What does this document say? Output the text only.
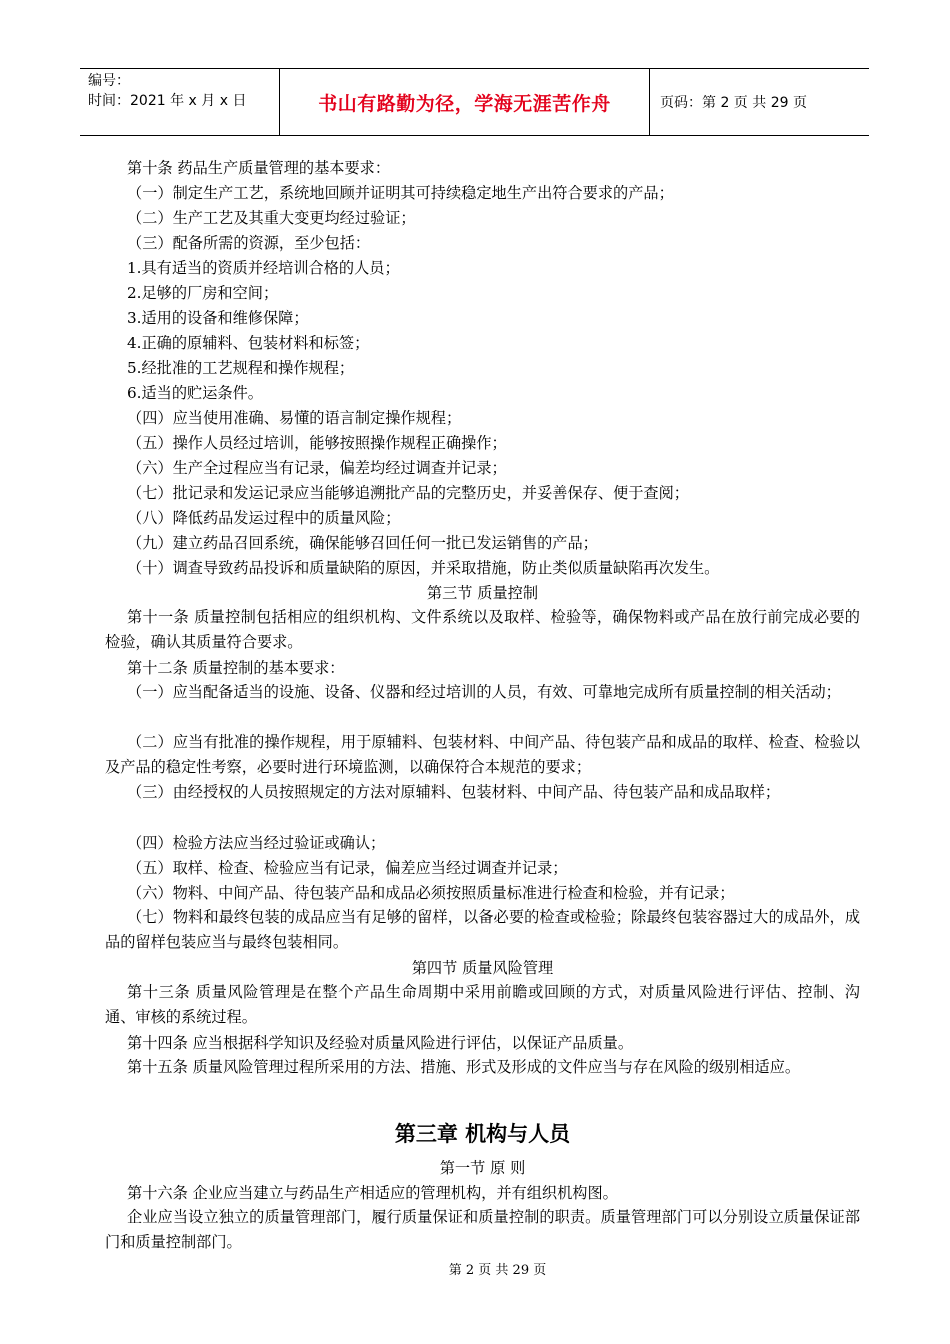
编号：
时间：2021 年 x 月 x 日	书山有路勤为径，学海无涯苦作舟	页码：第 2 页 共 29 页
第十条 药品生产质量管理的基本要求：
（一）制定生产工艺，系统地回顾并证明其可持续稳定地生产出符合要求的产品；
（二）生产工艺及其重大变更均经过验证；
（三）配备所需的资源，至少包括：
1.具有适当的资质并经培训合格的人员；
2.足够的厂房和空间；
3.适用的设备和维修保障；
4.正确的原辅料、包装材料和标签；
5.经批准的工艺规程和操作规程；
6.适当的贮运条件。
（四）应当使用准确、易懂的语言制定操作规程；
（五）操作人员经过培训，能够按照操作规程正确操作；
（六）生产全过程应当有记录，偏差均经过调查并记录；
（七）批记录和发运记录应当能够追溯批产品的完整历史，并妥善保存、便于查阅；
（八）降低药品发运过程中的质量风险；
（九）建立药品召回系统，确保能够召回任何一批已发运销售的产品；
（十）调查导致药品投诉和质量缺陷的原因，并采取措施，防止类似质量缺陷再次发生。
第三节 质量控制
第十一条 质量控制包括相应的组织机构、文件系统以及取样、检验等，确保物料或产品在放行前完成必要的检验，确认其质量符合要求。
第十二条 质量控制的基本要求：
（一）应当配备适当的设施、设备、仪器和经过培训的人员，有效、可靠地完成所有质量控制的相关活动；
（二）应当有批准的操作规程，用于原辅料、包装材料、中间产品、待包装产品和成品的取样、检查、检验以及产品的稳定性考察，必要时进行环境监测，以确保符合本规范的要求；
（三）由经授权的人员按照规定的方法对原辅料、包装材料、中间产品、待包装产品和成品取样；
（四）检验方法应当经过验证或确认；
（五）取样、检查、检验应当有记录，偏差应当经过调查并记录；
（六）物料、中间产品、待包装产品和成品必须按照质量标准进行检查和检验，并有记录；
（七）物料和最终包装的成品应当有足够的留样，以备必要的检查或检验；除最终包装容器过大的成品外，成品的留样包装应当与最终包装相同。
第四节 质量风险管理
第十三条 质量风险管理是在整个产品生命周期中采用前瞻或回顾的方式，对质量风险进行评估、控制、沟通、审核的系统过程。
第十四条 应当根据科学知识及经验对质量风险进行评估，以保证产品质量。
第十五条 质量风险管理过程所采用的方法、措施、形式及形成的文件应当与存在风险的级别相适应。
第三章 机构与人员
第一节 原 则
第十六条 企业应当建立与药品生产相适应的管理机构，并有组织机构图。
企业应当设立独立的质量管理部门，履行质量保证和质量控制的职责。质量管理部门可以分别设立质量保证部门和质量控制部门。
第 2 页 共 29 页
